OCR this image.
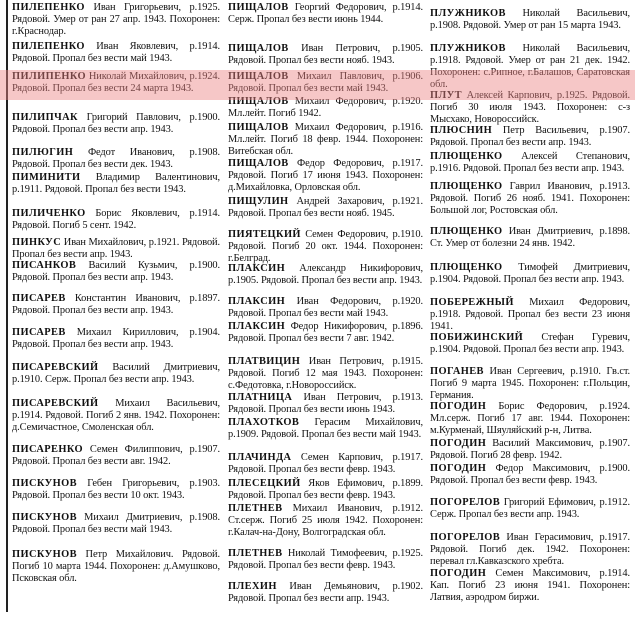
ПИЛЕПЕНКО Иван Григорьевич, р.1925. Рядовой. Умер от ран 27 апр. 1943. Похоронен: г.Краснодар.

ПИЛЕПЕНКО Иван Яковлевич, р.1914. Рядовой. Пропал без вести май 1943.

ПИЛИПЕНКО Николай Михайлович, р.1924. Рядовой. Пропал без вести 24 марта 1943.

ПИЛИПЧАК Григорий Павлович, р.1900. Рядовой. Пропал без вести апр. 1943.

ПИЛЮГИН Федот Иванович, р.1908. Рядовой. Пропал без вести дек. 1943.

ПИМИНИТИ Владимир Валентинович, р.1911. Рядовой. Пропал без вести 1943.

ПИЛИЧЕНКО Борис Яковлевич, р.1914. Рядовой. Погиб 5 сент. 1942.

ПИНКУС Иван Михайлович, р.1921. Рядовой. Пропал без вести апр. 1943.

ПИСАНКОВ Василий Кузьмич, р.1900. Рядовой. Пропал без вести апр. 1943.

ПИСАРЕВ Константин Иванович, р.1897. Рядовой. Пропал без вести апр. 1943.

ПИСАРЕВ Михаил Кириллович, р.1904. Рядовой. Пропал без вести апр. 1943.

ПИСАРЕВСКИЙ Василий Дмитриевич, р.1910. Серж. Пропал без вести апр. 1943.

ПИСАРЕВСКИЙ Михаил Васильевич, р.1914. Рядовой. Погиб 2 янв. 1942. Похоронен: д.Семичастное, Смоленская обл.

ПИСАРЕНКО Семен Филиппович, р.1907. Рядовой. Пропал без вести авг. 1942.

ПИСКУНОВ Гебен Григорьевич, р.1903. Рядовой. Пропал без вести 10 окт. 1943.

ПИСКУНОВ Михаил Дмитриевич, р.1908. Рядовой. Пропал без вести май 1943.

ПИСКУНОВ Петр Михайлович. Рядовой. Погиб 10 марта 1944. Похоронен: д.Амушково, Псковская обл.

ПИЩАЛОВ Георгий Федорович, р.1914. Серж. Пропал без вести июнь 1944.

ПИЩАЛОВ Иван Петрович, р.1905. Рядовой. Пропал без вести нояб. 1943.

ПИЩАЛОВ Михаил Павлович, р.1906. Рядовой. Пропал без вести май 1943.

ПИЩАЛОВ Михаил Федорович, р.1920. Мл.лейт. Погиб 1942.

ПИЩАЛОВ Михаил Федорович, р.1916. Мл.лейт. Погиб 18 февр. 1944. Похоронен: Витебская обл.

ПИЩАЛОВ Федор Федорович, р.1917. Рядовой. Погиб 17 июня 1943. Похоронен: д.Михайловка, Орловская обл.

ПИЩУЛИН Андрей Захарович, р.1921. Рядовой. Пропал без вести нояб. 1945.

ПИЯТЕЦКИЙ Семен Федорович, р.1910. Рядовой. Погиб 20 окт. 1944. Похоронен: г.Белград.

ПЛАКСИН Александр Никифорович, р.1905. Рядовой. Пропал без вести апр. 1943.

ПЛАКСИН Иван Федорович, р.1920. Рядовой. Пропал без вести май 1943.

ПЛАКСИН Федор Никифорович, р.1896. Рядовой. Пропал без вести 7 авг. 1942.

ПЛАТВИЦИН Иван Петрович, р.1915. Рядовой. Погиб 12 мая 1943. Похоронен: с.Федотовка, г.Новороссийск.

ПЛАТНИЦА Иван Петрович, р.1913. Рядовой. Пропал без вести июнь 1943.

ПЛАХОТКОВ Герасим Михайлович, р.1909. Рядовой. Пропал без вести май 1943.

ПЛАЧИНДА Семен Карпович, р.1917. Рядовой. Пропал без вести февр. 1943.

ПЛЕСЕЦКИЙ Яков Ефимович, р.1899. Рядовой. Пропал без вести февр. 1943.

ПЛЕТНЕВ Михаил Иванович, р.1912. Ст.серж. Погиб 25 июля 1942. Похоронен: г.Калач-на-Дону, Волгоградская обл.

ПЛЕТНЕВ Николай Тимофеевич, р.1925. Рядовой. Пропал без вести февр. 1943.

ПЛЕХИН Иван Демьянович, р.1902. Рядовой. Пропал без вести апр. 1943.

ПЛУЖНИКОВ Николай Васильевич, р.1908. Рядовой. Умер от ран 15 марта 1943.

ПЛУЖНИКОВ Николай Васильевич, р.1918. Рядовой. Умер от ран 21 дек. 1942. Похоронен: с.Рипное, г.Балашов, Саратовская обл.

ПЛУТ Алексей Карпович, р.1925. Рядовой. Погиб 30 июля 1943. Похоронен: с-з Мысхако, Новороссийск.

ПЛЮСНИН Петр Васильевич, р.1907. Рядовой. Пропал без вести апр. 1943.

ПЛЮЩЕНКО Алексей Степанович, р.1916. Рядовой. Пропал без вести апр. 1943.

ПЛЮЩЕНКО Гаврил Иванович, р.1913. Рядовой. Погиб 26 нояб. 1941. Похоронен: Большой лог, Ростовская обл.

ПЛЮЩЕНКО Иван Дмитриевич, р.1898. Ст. Умер от болезни 24 янв. 1942.

ПЛЮЩЕНКО Тимофей Дмитриевич, р.1904. Рядовой. Пропал без вести апр. 1943.

ПОБЕРЕЖНЫЙ Михаил Федорович, р.1918. Рядовой. Пропал без вести 23 июня 1941.

ПОБИЖИНСКИЙ Стефан Гуревич, р.1904. Рядовой. Пропал без вести апр. 1943.

ПОГАНЕВ Иван Сергеевич, р.1910. Гв.ст. Погиб 9 марта 1945. Похоронен: г.Польцин, Германия.

ПОГОДИН Борис Федорович, р.1924. Мл.серж. Погиб 17 авг. 1944. Похоронен: м.Курменай, Шяуляйский р-н, Литва.

ПОГОДИН Василий Максимович, р.1907. Рядовой. Погиб 28 февр. 1942.

ПОГОДИН Федор Максимович, р.1900. Рядовой. Пропал без вести февр. 1943.

ПОГОРЕЛОВ Григорий Ефимович, р.1912. Серж. Пропал без вести апр. 1943.

ПОГОРЕЛОВ Иван Герасимович, р.1917. Рядовой. Погиб дек. 1942. Похоронен: перевал гл.Кавказского хребта.

ПОГОДИН Семен Максимович, р.1914. Кап. Погиб 23 июня 1941. Похоронен: Латвия, аэродром биржи.
